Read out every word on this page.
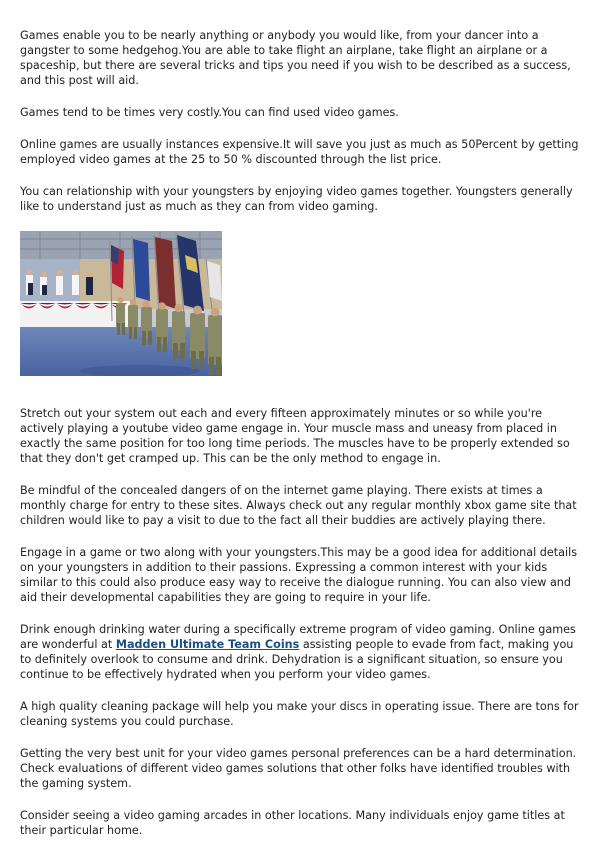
Games enable you to be nearly anything or anybody you would like, from your dancer into a gangster to some hedgehog.You are able to take flight an airplane, take flight an airplane or a spaceship, but there are several tricks and tips you need if you wish to be described as a success, and this post will aid.

Games tend to be times very costly.You can find used video games.

Online games are usually instances expensive.It will save you just as much as 50Percent by getting employed video games at the 25 to 50 % discounted through the list price.

You can relationship with your youngsters by enjoying video games together. Youngsters generally like to understand just as much as they can from video gaming.

Stretch out your system out each and every fifteen approximately minutes or so while you're actively playing a youtube video game engage in. Your muscle mass and uneasy from placed in exactly the same position for too long time periods. The muscles have to be properly extended so that they don't get cramped up. This can be the only method to engage in.

Be mindful of the concealed dangers of on the internet game playing. There exists at times a monthly charge for entry to these sites. Always check out any regular monthly xbox game site that children would like to pay a visit to due to the fact all their buddies are actively playing there.

Engage in a game or two along with your youngsters.This may be a good idea for additional details on your youngsters in addition to their passions. Expressing a common interest with your kids similar to this could also produce easy way to receive the dialogue running. You can also view and aid their developmental capabilities they are going to require in your life.

Drink enough drinking water during a specifically extreme program of video gaming. Online games are wonderful at Madden Ultimate Team Coins assisting people to evade from fact, making you to definitely overlook to consume and drink. Dehydration is a significant situation, so ensure you continue to be effectively hydrated when you perform your video games.

A high quality cleaning package will help you make your discs in operating issue. There are tons for cleaning systems you could purchase.

Getting the very best unit for your video games personal preferences can be a hard determination. Check evaluations of different video games solutions that other folks have identified troubles with the gaming system.

Consider seeing a video gaming arcades in other locations. Many individuals enjoy game titles at their particular home.
